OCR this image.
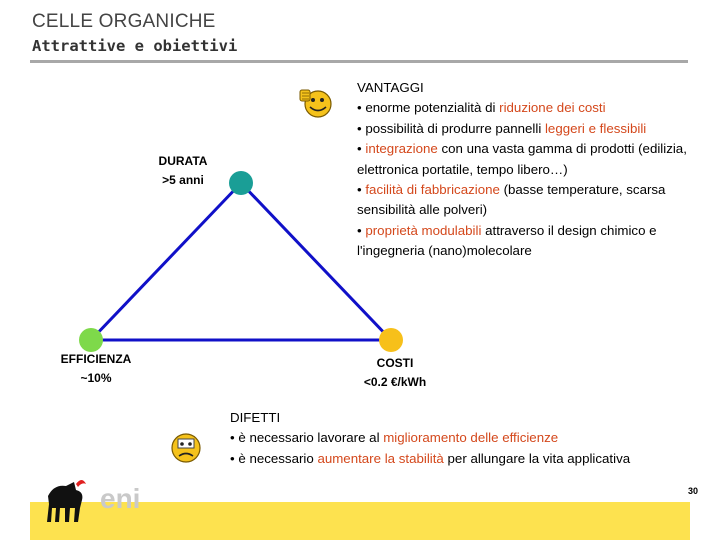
CELLE ORGANICHE
Attrattive e obiettivi
DURATA
>5 anni
EFFICIENZA
~10%
COSTI
<0.2 €/kWh
VANTAGGI
• enorme potenzialità di riduzione dei costi
• possibilità di produrre pannelli leggeri e flessibili
• integrazione con una vasta gamma di prodotti (edilizia, elettronica portatile, tempo libero…)
• facilità di fabbricazione (basse temperature, scarsa sensibilità alle polveri)
• proprietà modulabili attraverso il design chimico e l'ingegneria (nano)molecolare
DIFETTI
• è necessario lavorare al miglioramento delle efficienze
• è necessario aumentare la stabilità per allungare la vita applicativa
eni	30
